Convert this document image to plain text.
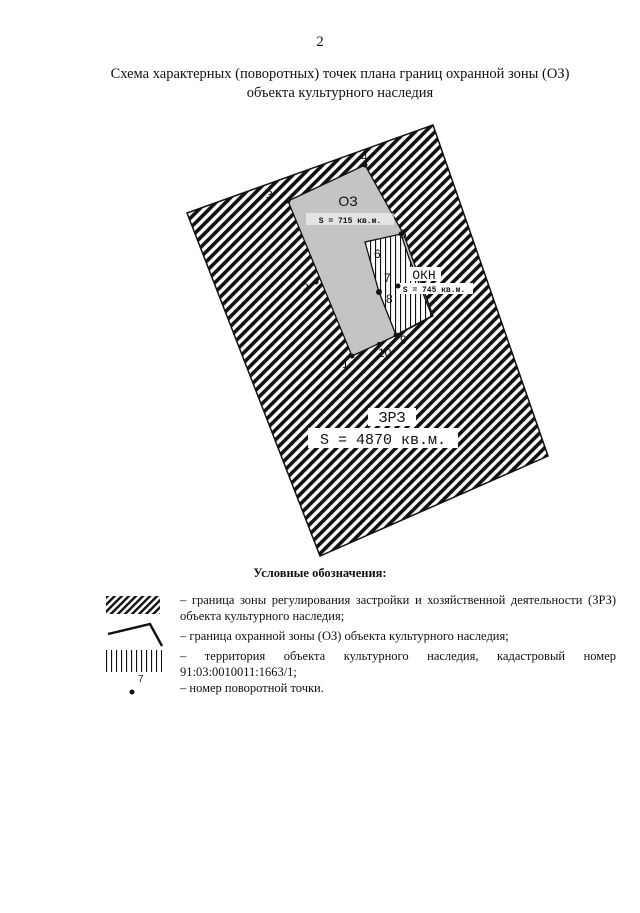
2
Схема характерных (поворотных) точек плана границ охранной зоны (ОЗ)
объекта культурного наследия
ОЗ
S = 715 кв.м.
ОКН
S = 745 кв.м.
ЗРЗ
S = 4870 кв.м.
1
2
3
4
5
6
7
8
9
10
Условные обозначения:
– граница зоны регулирования застройки и хозяйственной деятельности (ЗРЗ) объекта культурного наследия;
– граница охранной зоны (ОЗ) объекта культурного наследия;
– территория объекта культурного наследия, кадастровый номер 91:03:0010011:1663/1;
7
– номер поворотной точки.
